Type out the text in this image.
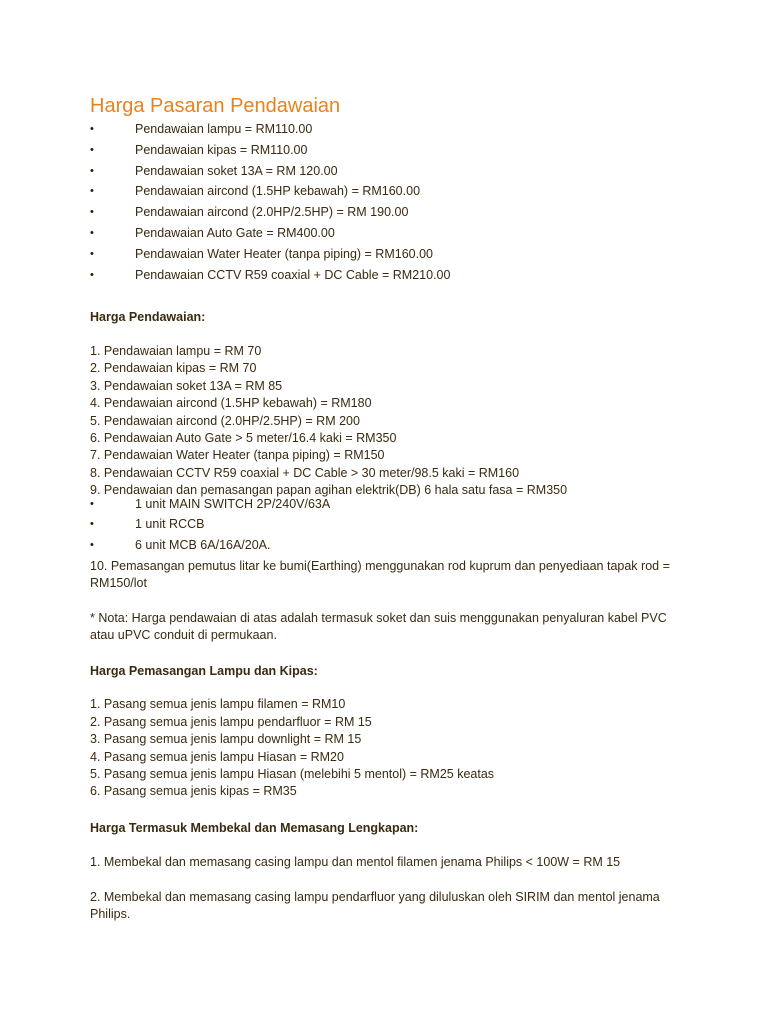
Harga Pasaran Pendawaian
•	Pendawaian lampu = RM110.00
•	Pendawaian kipas = RM110.00
•	Pendawaian soket 13A = RM 120.00
•	Pendawaian aircond (1.5HP kebawah) = RM160.00
•	Pendawaian aircond (2.0HP/2.5HP) = RM 190.00
•	Pendawaian Auto Gate = RM400.00
•	Pendawaian Water Heater (tanpa piping) = RM160.00
•	Pendawaian CCTV R59 coaxial + DC Cable = RM210.00

Harga Pendawaian:

1. Pendawaian lampu = RM 70
2. Pendawaian kipas = RM 70
3. Pendawaian soket 13A = RM 85
4. Pendawaian aircond (1.5HP kebawah) = RM180
5. Pendawaian aircond (2.0HP/2.5HP) = RM 200
6. Pendawaian Auto Gate > 5 meter/16.4 kaki = RM350
7. Pendawaian Water Heater (tanpa piping) = RM150
8. Pendawaian CCTV R59 coaxial + DC Cable > 30 meter/98.5 kaki = RM160
9. Pendawaian dan pemasangan papan agihan elektrik(DB) 6 hala satu fasa = RM350
•	1 unit MAIN SWITCH 2P/240V/63A
•	1 unit RCCB
•	6 unit MCB 6A/16A/20A.

10. Pemasangan pemutus litar ke bumi(Earthing) menggunakan rod kuprum dan penyediaan tapak rod = RM150/lot

* Nota: Harga pendawaian di atas adalah termasuk soket dan suis menggunakan penyaluran kabel PVC atau uPVC conduit di permukaan.

Harga Pemasangan Lampu dan Kipas:

1. Pasang semua jenis lampu filamen = RM10
2. Pasang semua jenis lampu pendarfluor = RM 15
3. Pasang semua jenis lampu downlight = RM 15
4. Pasang semua jenis lampu Hiasan = RM20
5. Pasang semua jenis lampu Hiasan (melebihi 5 mentol) = RM25 keatas
6. Pasang semua jenis kipas = RM35

Harga Termasuk Membekal dan Memasang Lengkapan:

1. Membekal dan memasang casing lampu dan mentol filamen jenama Philips < 100W = RM 15

2. Membekal dan memasang casing lampu pendarfluor yang diluluskan oleh SIRIM dan mentol jenama Philips.
